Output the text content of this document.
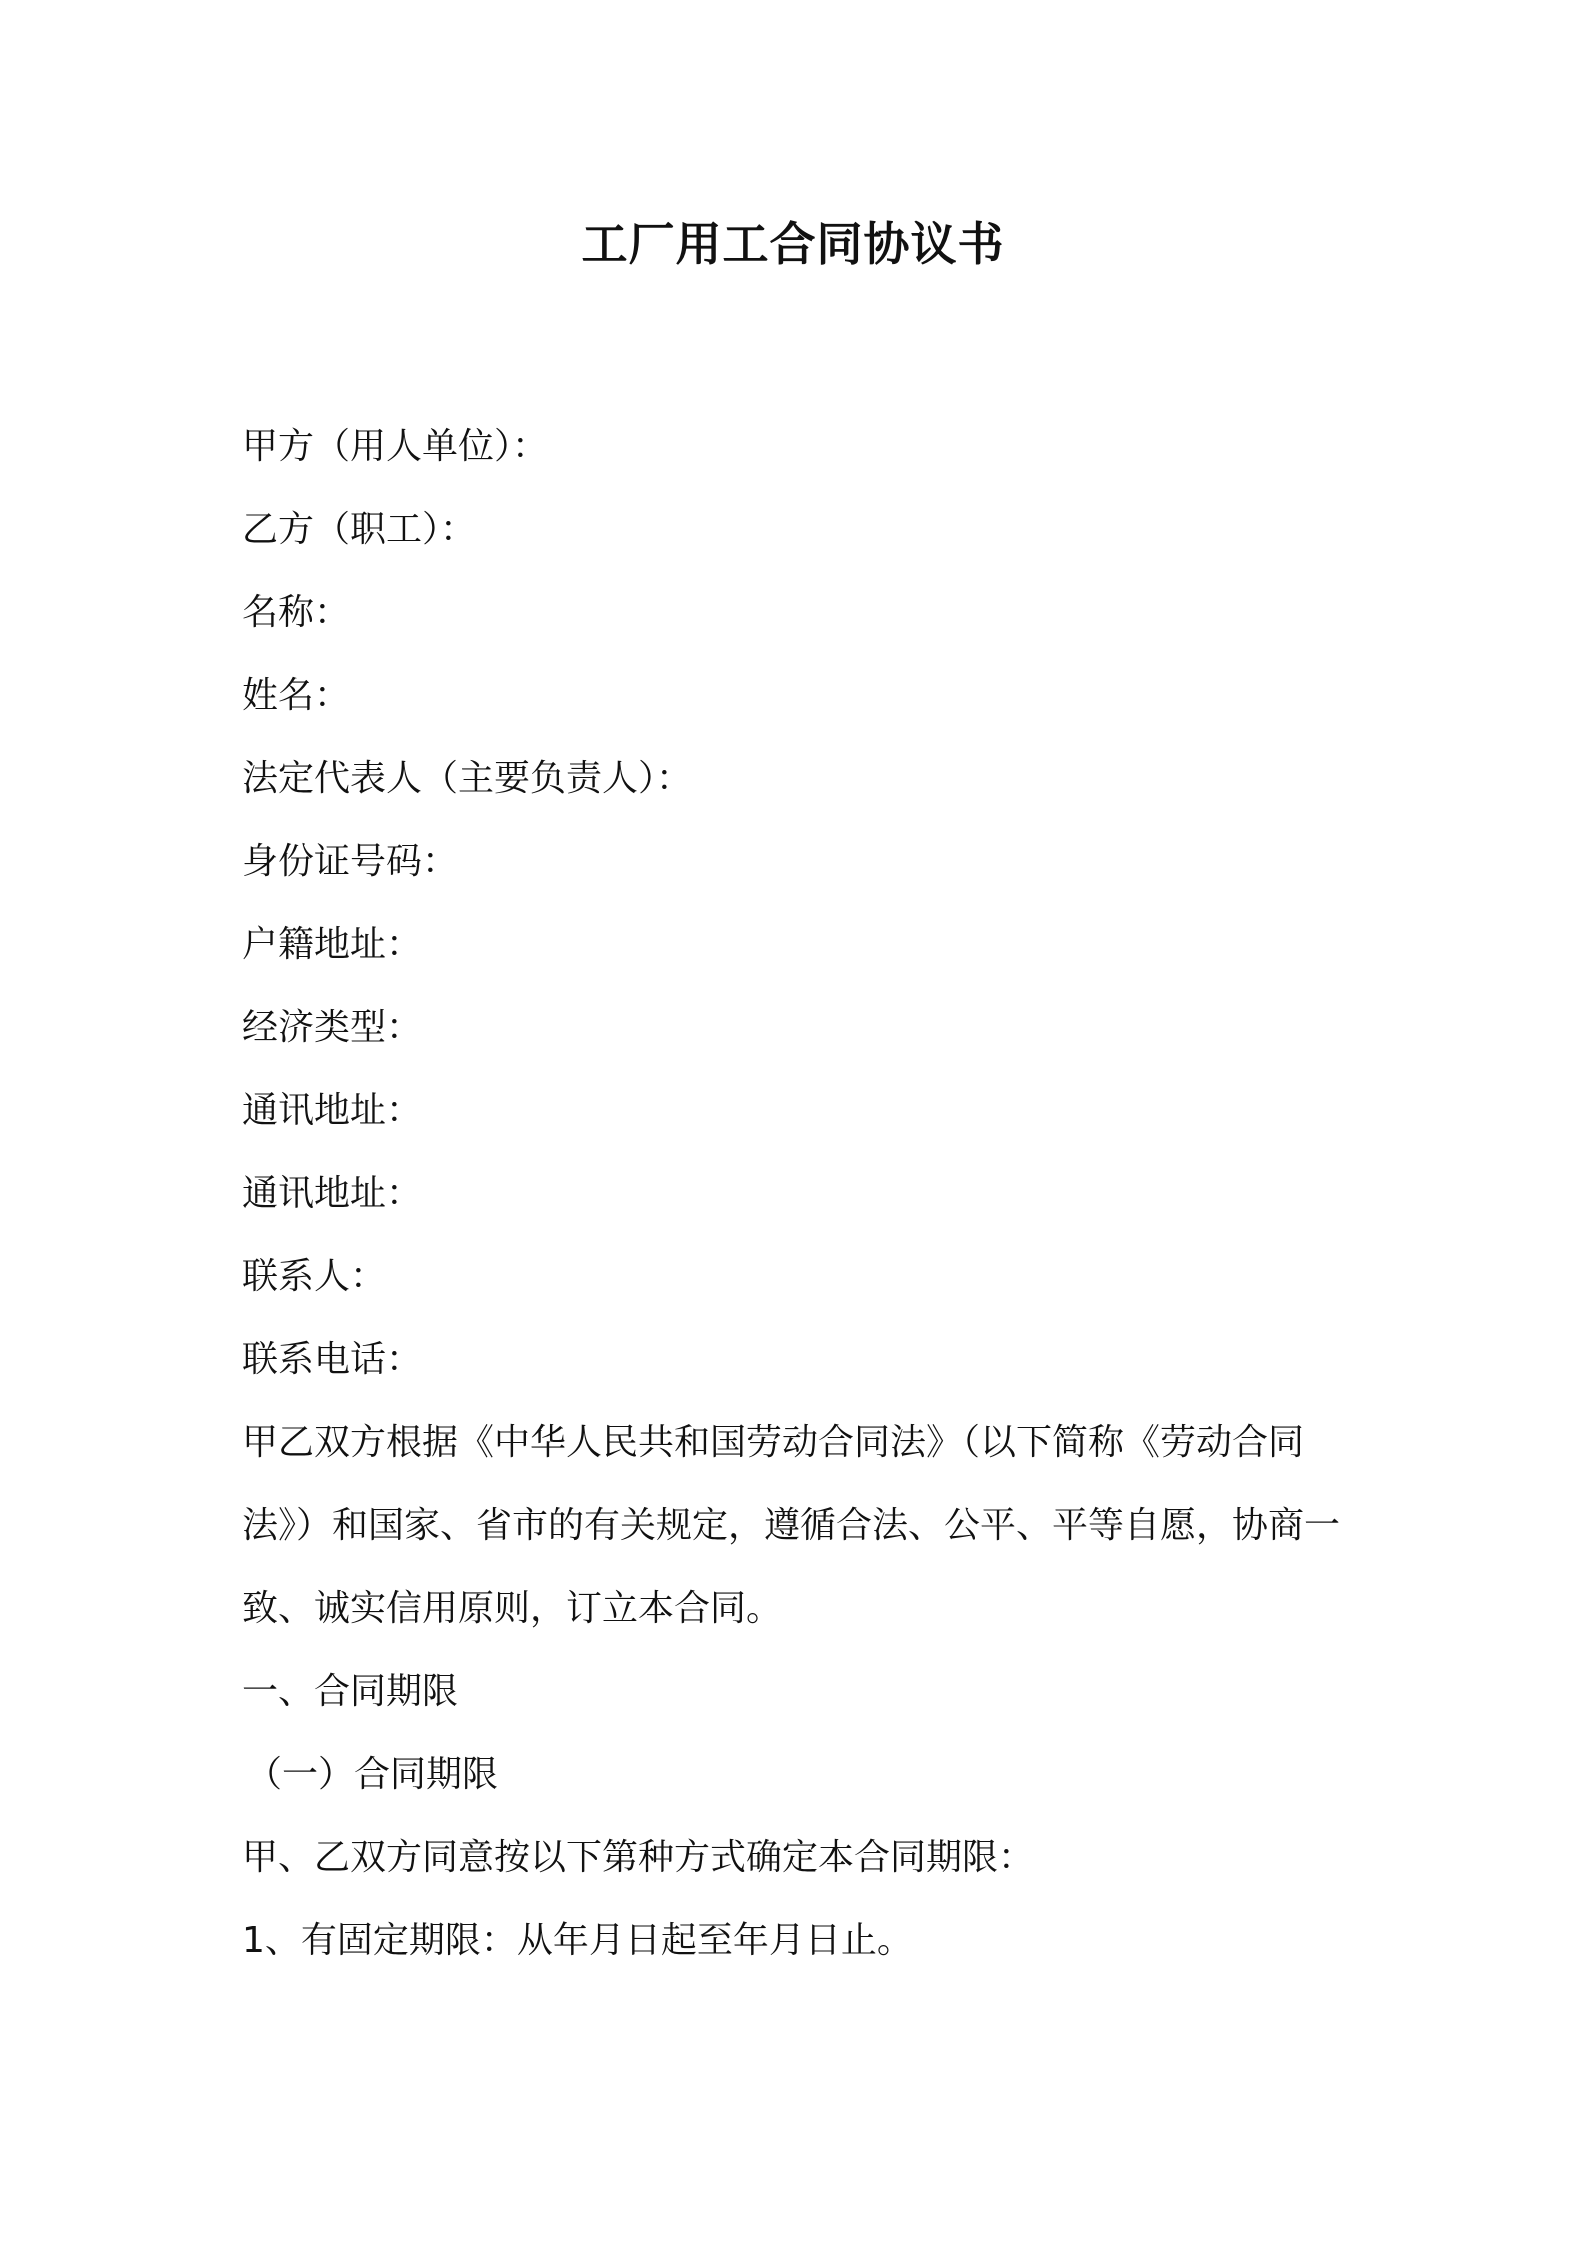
工厂用工合同协议书
甲方（用人单位）：
乙方（职工）：
名称：
姓名：
法定代表人（主要负责人）：
身份证号码：
户籍地址：
经济类型：
通讯地址：
通讯地址：
联系人：
联系电话：
甲乙双方根据《中华人民共和国劳动合同法》（以下简称《劳动合同法》）和国家、省市的有关规定，遵循合法、公平、平等自愿，协商一致、诚实信用原则，订立本合同。
一、合同期限
（一）合同期限
甲、乙双方同意按以下第种方式确定本合同期限：
1、有固定期限：从年月日起至年月日止。
